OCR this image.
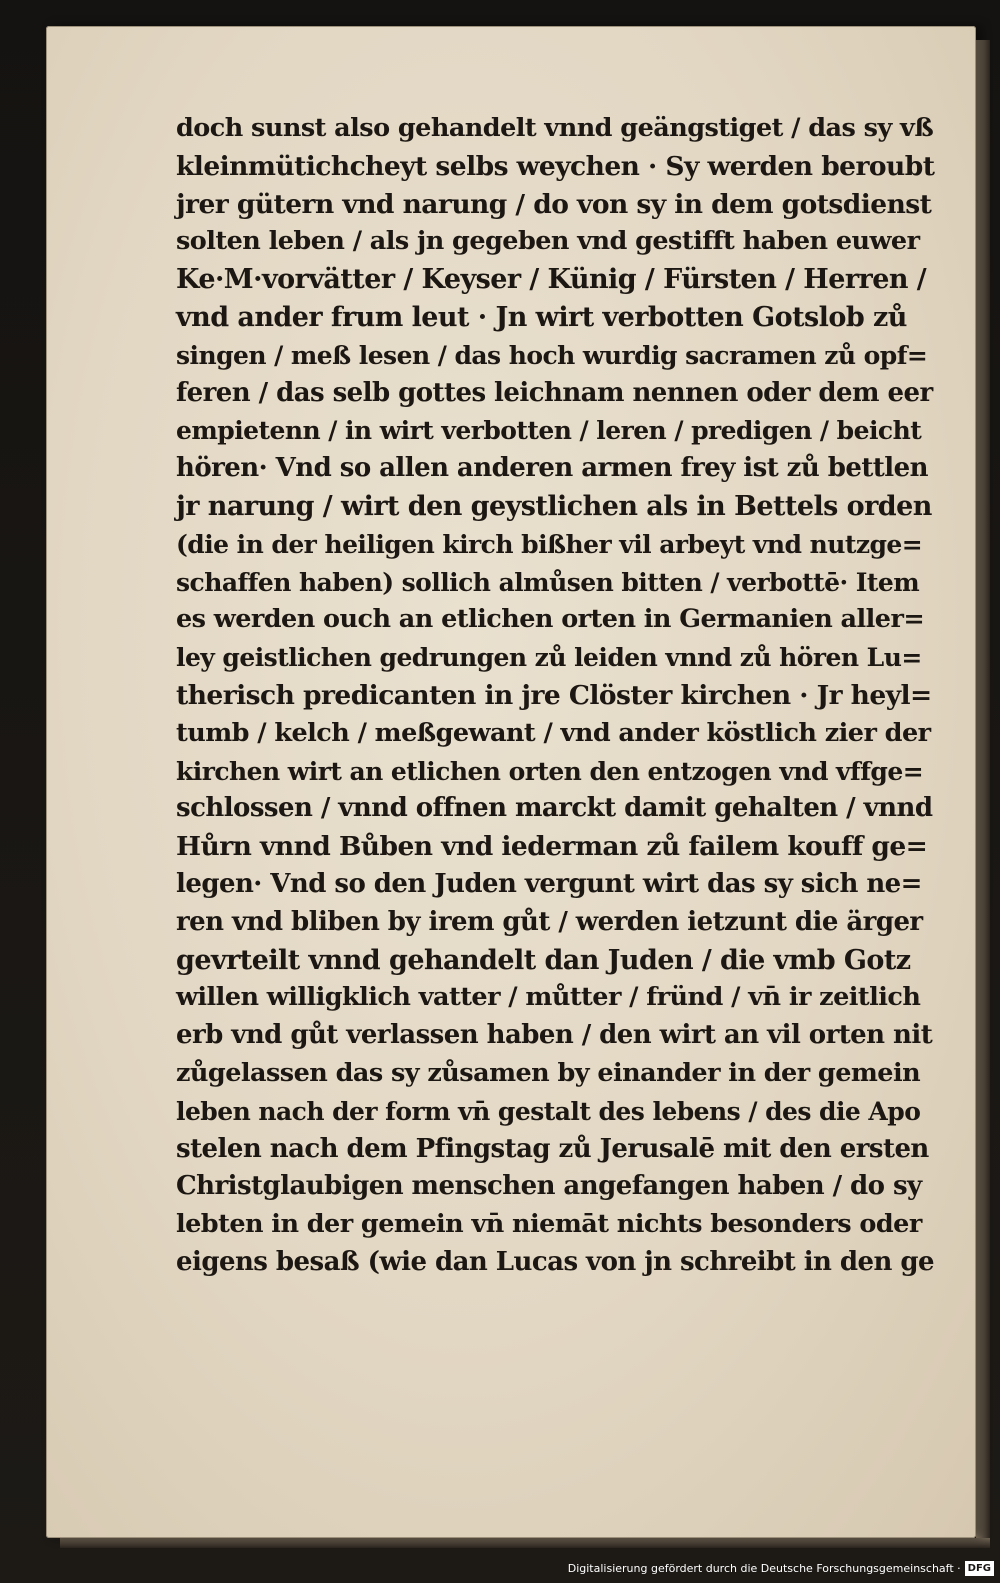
doch sunst also gehandelt vnnd geängstiget / das sy vß
kleinmütichcheyt selbs weychen · Sy werden beroubt
jrer gütern vnd narung / do von sy in dem gotsdienst
solten leben / als jn gegeben vnd gestifft haben euwer
Ke·M·vorvätter / Keyser / Künig / Fürsten / Herren /
vnd ander frum leut · Jn wirt verbotten Gotslob zů
singen / meß lesen / das hoch wurdig sacramen zů opf=
feren / das selb gottes leichnam nennen oder dem eer
empietenn / in wirt verbotten / leren / predigen / beicht
hören· Vnd so allen anderen armen frey ist zů bettlen
jr narung / wirt den geystlichen als in Bettels orden
(die in der heiligen kirch bißher vil arbeyt vnd nutzge=
schaffen haben) sollich almůsen bitten / verbottē· Item
es werden ouch an etlichen orten in Germanien aller=
ley geistlichen gedrungen zů leiden vnnd zů hören Lu=
therisch predicanten in jre Clöster kirchen · Jr heyl=
tumb / kelch / meßgewant / vnd ander köstlich zier der
kirchen wirt an etlichen orten den entzogen vnd vffge=
schlossen / vnnd offnen marckt damit gehalten / vnnd
Hůrn vnnd Bůben vnd iederman zů failem kouff ge=
legen· Vnd so den Juden vergunt wirt das sy sich ne=
ren vnd bliben by irem gůt / werden ietzunt die ärger
gevrteilt vnnd gehandelt dan Juden / die vmb Gotz
willen willigklich vatter / můtter / fründ / vn̄ ir zeitlich
erb vnd gůt verlassen haben / den wirt an vil orten nit
zůgelassen das sy zůsamen by einander in der gemein
leben nach der form vn̄ gestalt des lebens / des die Apo
stelen nach dem Pfingstag zů Jerusalē mit den ersten
Christglaubigen menschen angefangen haben / do sy
lebten in der gemein vn̄ niemāt nichts besonders oder
eigens besaß (wie dan Lucas von jn schreibt in den ge
Digitalisierung gefördert durch die Deutsche Forschungsgemeinschaft · DFG
